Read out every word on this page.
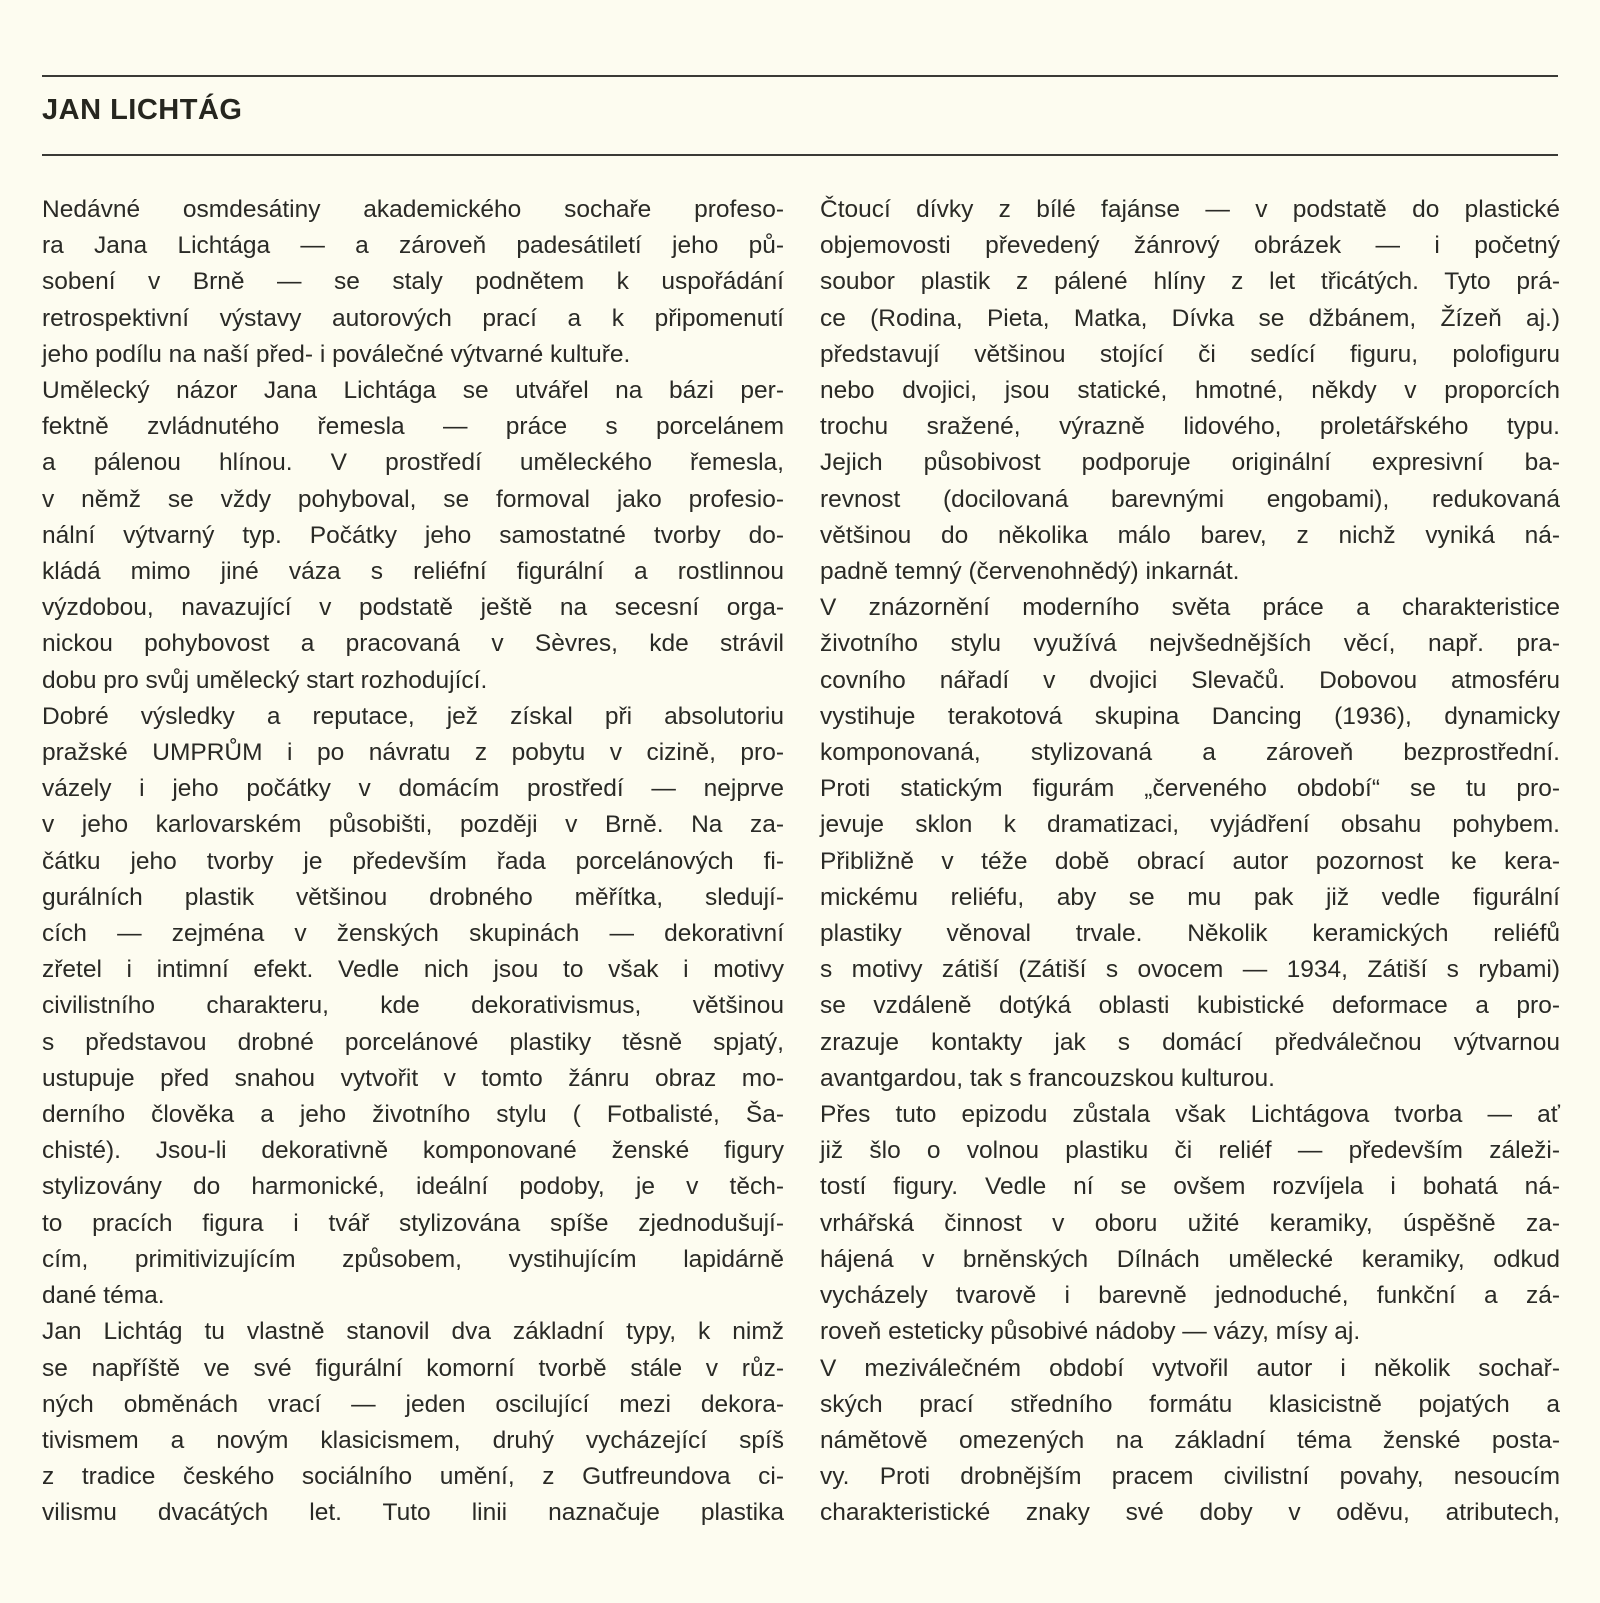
JAN LICHTÁG

Nedávné osmdesátiny akademického sochaře profeso-
ra Jana Lichtága — a zároveň padesátiletí jeho pů-
sobení v Brně — se staly podnětem k uspořádání
retrospektivní výstavy autorových prací a k připomenutí
jeho podílu na naší před- i poválečné výtvarné kultuře.

Umělecký názor Jana Lichtága se utvářel na bázi per-
fektně zvládnutého řemesla — práce s porcelánem
a pálenou hlínou. V prostředí uměleckého řemesla,
v němž se vždy pohyboval, se formoval jako profesio-
nální výtvarný typ. Počátky jeho samostatné tvorby do-
kládá mimo jiné váza s reliéfní figurální a rostlinnou
výzdobou, navazující v podstatě ještě na secesní orga-
nickou pohybovost a pracovaná v Sèvres, kde strávil
dobu pro svůj umělecký start rozhodující.

Dobré výsledky a reputace, jež získal při absolutoriu
pražské UMPRŮM i po návratu z pobytu v cizině, pro-
vázely i jeho počátky v domácím prostředí — nejprve
v jeho karlovarském působišti, později v Brně. Na za-
čátku jeho tvorby je především řada porcelánových fi-
gurálních plastik většinou drobného měřítka, sledují-
cích — zejména v ženských skupinách — dekorativní
zřetel i intimní efekt. Vedle nich jsou to však i motivy
civilistního charakteru, kde dekorativismus, většinou
s představou drobné porcelánové plastiky těsně spjatý,
ustupuje před snahou vytvořit v tomto žánru obraz mo-
derního člověka a jeho životního stylu ( Fotbalisté, Ša-
chisté). Jsou-li dekorativně komponované ženské figury
stylizovány do harmonické, ideální podoby, je v těch-
to pracích figura i tvář stylizována spíše zjednodušují-
cím, primitivizujícím způsobem, vystihujícím lapidárně
dané téma.

Jan Lichtág tu vlastně stanovil dva základní typy, k nimž
se napříště ve své figurální komorní tvorbě stále v růz-
ných obměnách vrací — jeden oscilující mezi dekora-
tivismem a novým klasicismem, druhý vycházející spíš
z tradice českého sociálního umění, z Gutfreundova ci-
vilismu dvacátých let. Tuto linii naznačuje plastika

Čtoucí dívky z bílé fajánse — v podstatě do plastické
objemovosti převedený žánrový obrázek — i početný
soubor plastik z pálené hlíny z let třicátých. Tyto prá-
ce (Rodina, Pieta, Matka, Dívka se džbánem, Žízeň aj.)
představují většinou stojící či sedící figuru, polofiguru
nebo dvojici, jsou statické, hmotné, někdy v proporcích
trochu sražené, výrazně lidového, proletářského typu.
Jejich působivost podporuje originální expresivní ba-
revnost (docilovaná barevnými engobami), redukovaná
většinou do několika málo barev, z nichž vyniká ná-
padně temný (červenohnědý) inkarnát.

V znázornění moderního světa práce a charakteristice
životního stylu využívá nejvšednějších věcí, např. pra-
covního nářadí v dvojici Slevačů. Dobovou atmosféru
vystihuje terakotová skupina Dancing (1936), dynamicky
komponovaná, stylizovaná a zároveň bezprostřední.
Proti statickým figurám „červeného období“ se tu pro-
jevuje sklon k dramatizaci, vyjádření obsahu pohybem.
Přibližně v téže době obrací autor pozornost ke kera-
mickému reliéfu, aby se mu pak již vedle figurální
plastiky věnoval trvale. Několik keramických reliéfů
s motivy zátiší (Zátiší s ovocem — 1934, Zátiší s rybami)
se vzdáleně dotýká oblasti kubistické deformace a pro-
zrazuje kontakty jak s domácí předválečnou výtvarnou
avantgardou, tak s francouzskou kulturou.

Přes tuto epizodu zůstala však Lichtágova tvorba — ať
již šlo o volnou plastiku či reliéf — především záleži-
tostí figury. Vedle ní se ovšem rozvíjela i bohatá ná-
vrhářská činnost v oboru užité keramiky, úspěšně za-
hájená v brněnských Dílnách umělecké keramiky, odkud
vycházely tvarově i barevně jednoduché, funkční a zá-
roveň esteticky působivé nádoby — vázy, mísy aj.

V meziválečném období vytvořil autor i několik sochař-
ských prací středního formátu klasicistně pojatých a
námětově omezených na základní téma ženské posta-
vy. Proti drobnějším pracem civilistní povahy, nesoucím
charakteristické znaky své doby v oděvu, atributech,
